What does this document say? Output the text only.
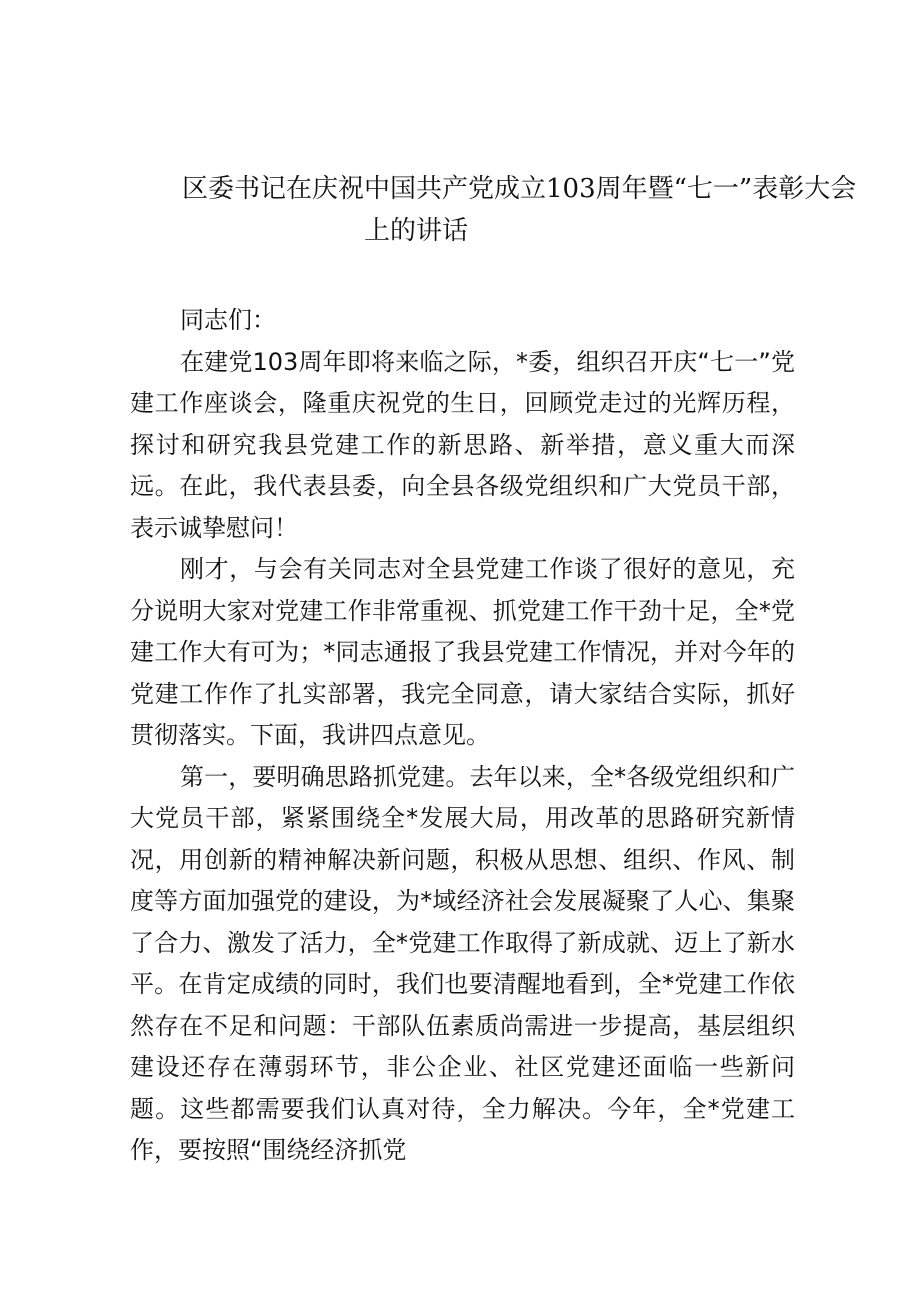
区委书记在庆祝中国共产党成立103周年暨“七一”表彰大会
上的讲话

同志们：

在建党103周年即将来临之际，*委，组织召开庆“七一”党建工作座谈会，隆重庆祝党的生日，回顾党走过的光辉历程，探讨和研究我县党建工作的新思路、新举措，意义重大而深远。在此，我代表县委，向全县各级党组织和广大党员干部，表示诚挚慰问！

刚才，与会有关同志对全县党建工作谈了很好的意见，充分说明大家对党建工作非常重视、抓党建工作干劲十足，全*党建工作大有可为；*同志通报了我县党建工作情况，并对今年的党建工作作了扎实部署，我完全同意，请大家结合实际，抓好贯彻落实。下面，我讲四点意见。

第一，要明确思路抓党建。去年以来，全*各级党组织和广大党员干部，紧紧围绕全*发展大局，用改革的思路研究新情况，用创新的精神解决新问题，积极从思想、组织、作风、制度等方面加强党的建设，为*域经济社会发展凝聚了人心、集聚了合力、激发了活力，全*党建工作取得了新成就、迈上了新水平。在肯定成绩的同时，我们也要清醒地看到，全*党建工作依然存在不足和问题：干部队伍素质尚需进一步提高，基层组织建设还存在薄弱环节，非公企业、社区党建还面临一些新问题。这些都需要我们认真对待，全力解决。今年，全*党建工作，要按照“围绕经济抓党
